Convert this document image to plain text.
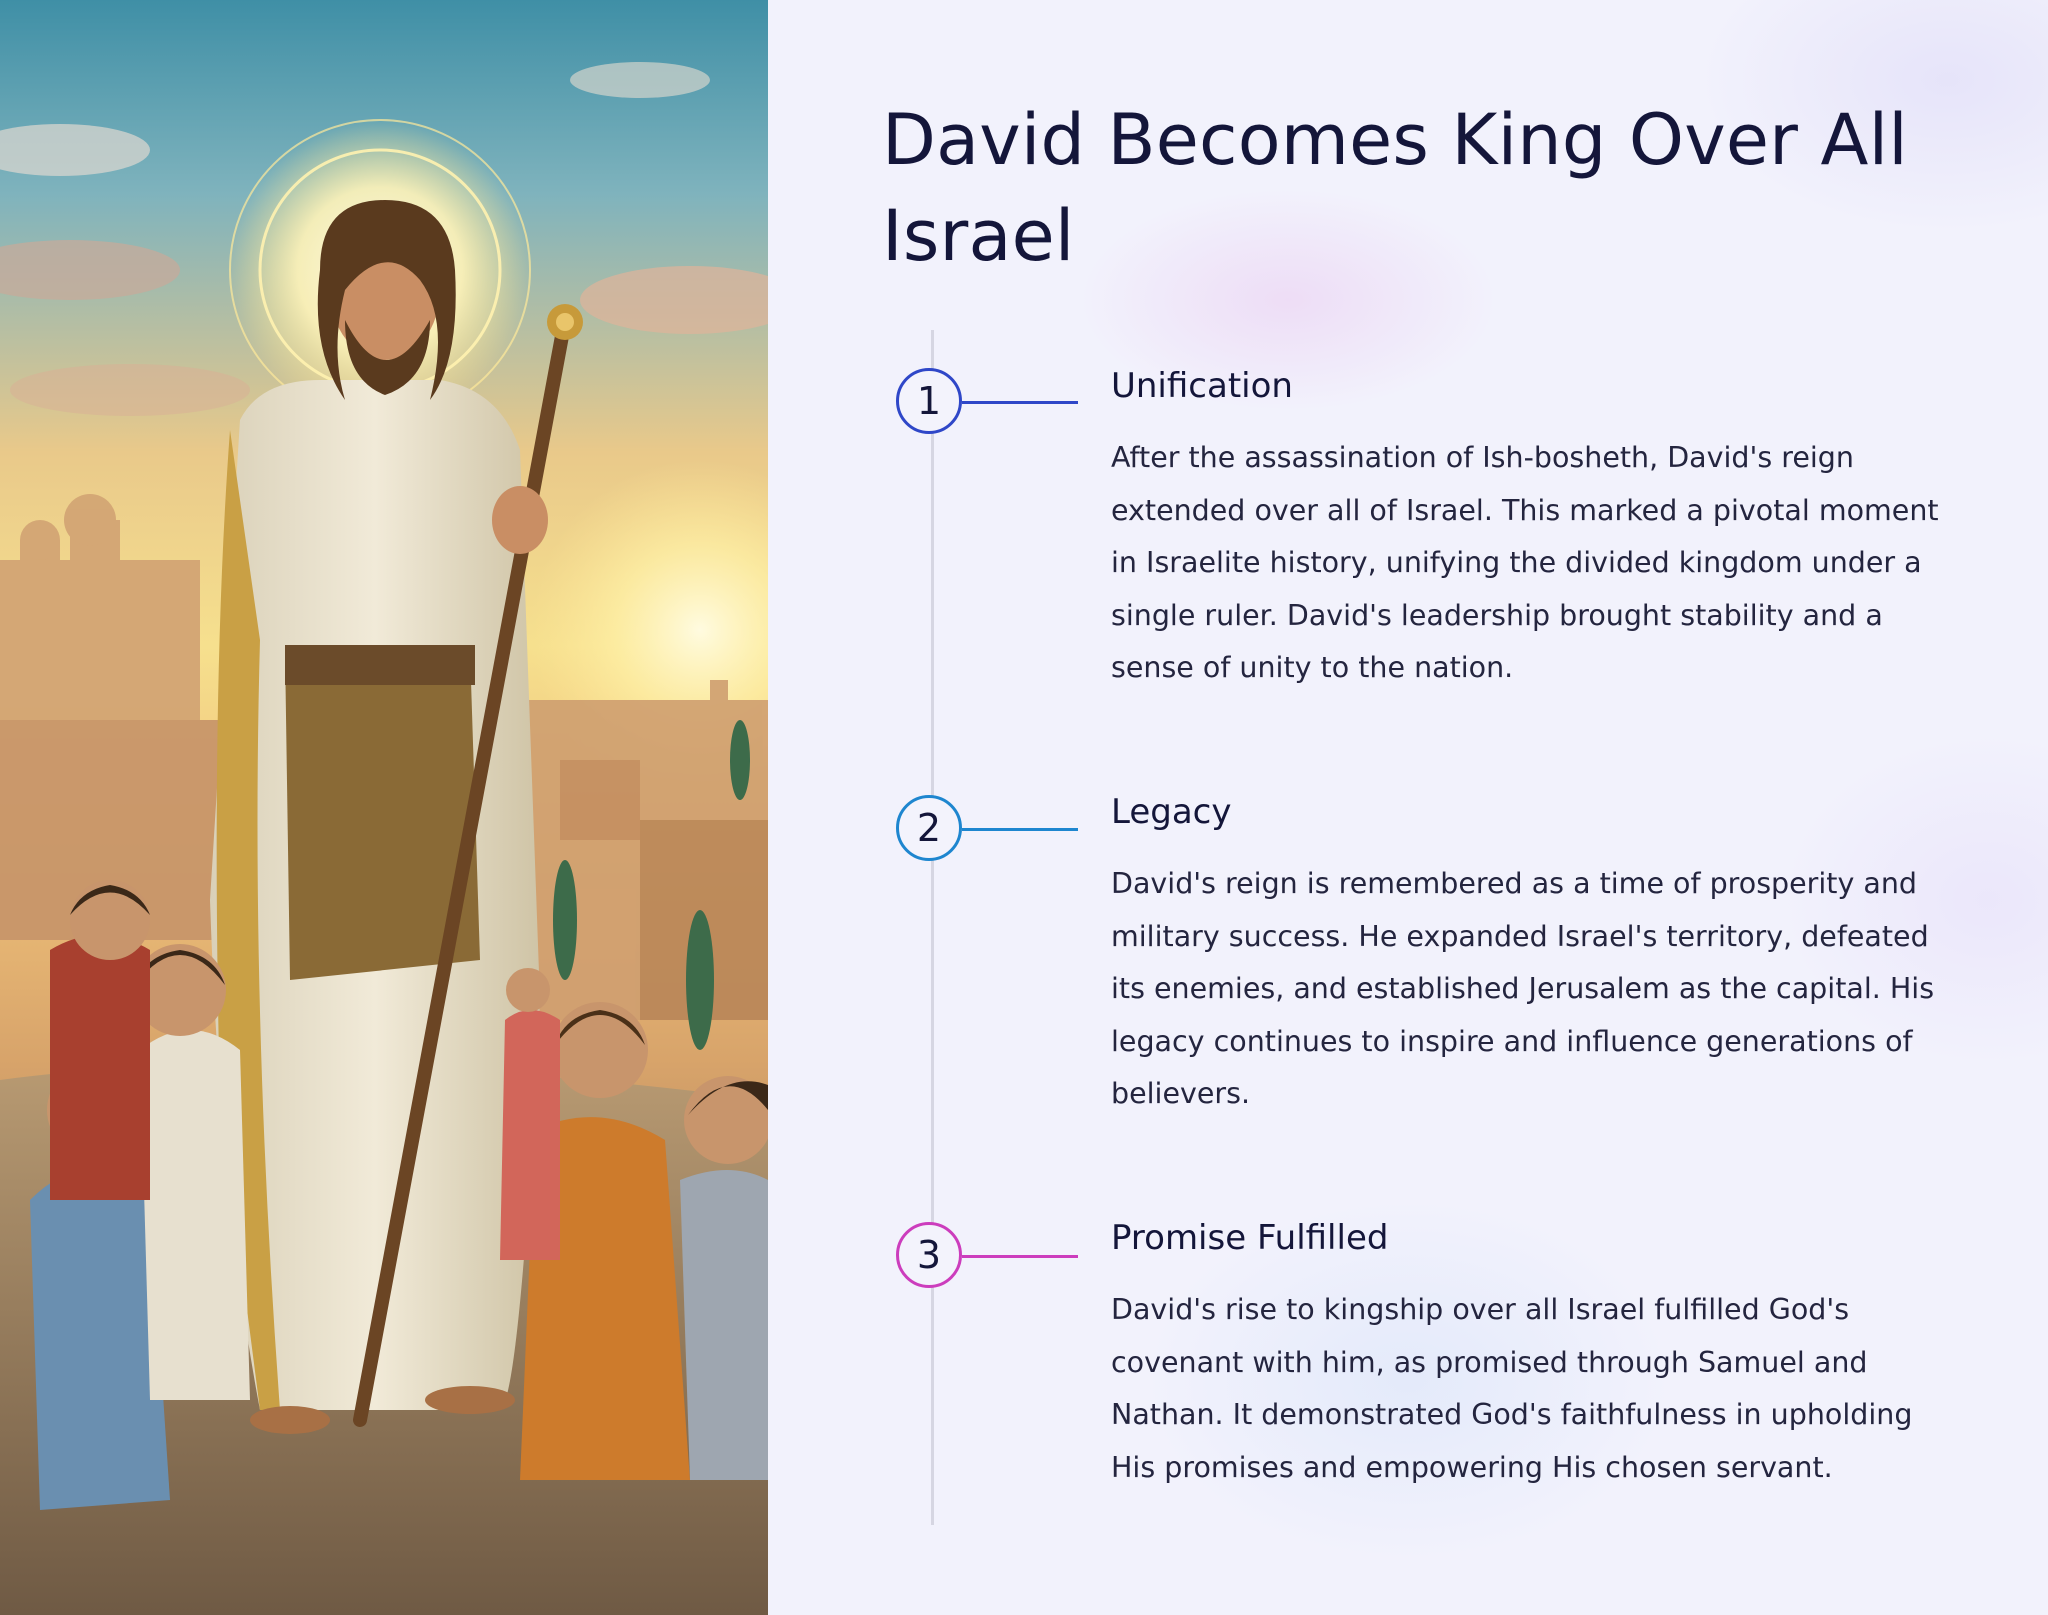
David Becomes King Over All Israel
1	Unification

After the assassination of Ish-bosheth, David's reign extended over all of Israel. This marked a pivotal moment in Israelite history, unifying the divided kingdom under a single ruler. David's leadership brought stability and a sense of unity to the nation.

2	Legacy

David's reign is remembered as a time of prosperity and military success. He expanded Israel's territory, defeated its enemies, and established Jerusalem as the capital. His legacy continues to inspire and influence generations of believers.

3	Promise Fulfilled

David's rise to kingship over all Israel fulfilled God's covenant with him, as promised through Samuel and Nathan. It demonstrated God's faithfulness in upholding His promises and empowering His chosen servant.
